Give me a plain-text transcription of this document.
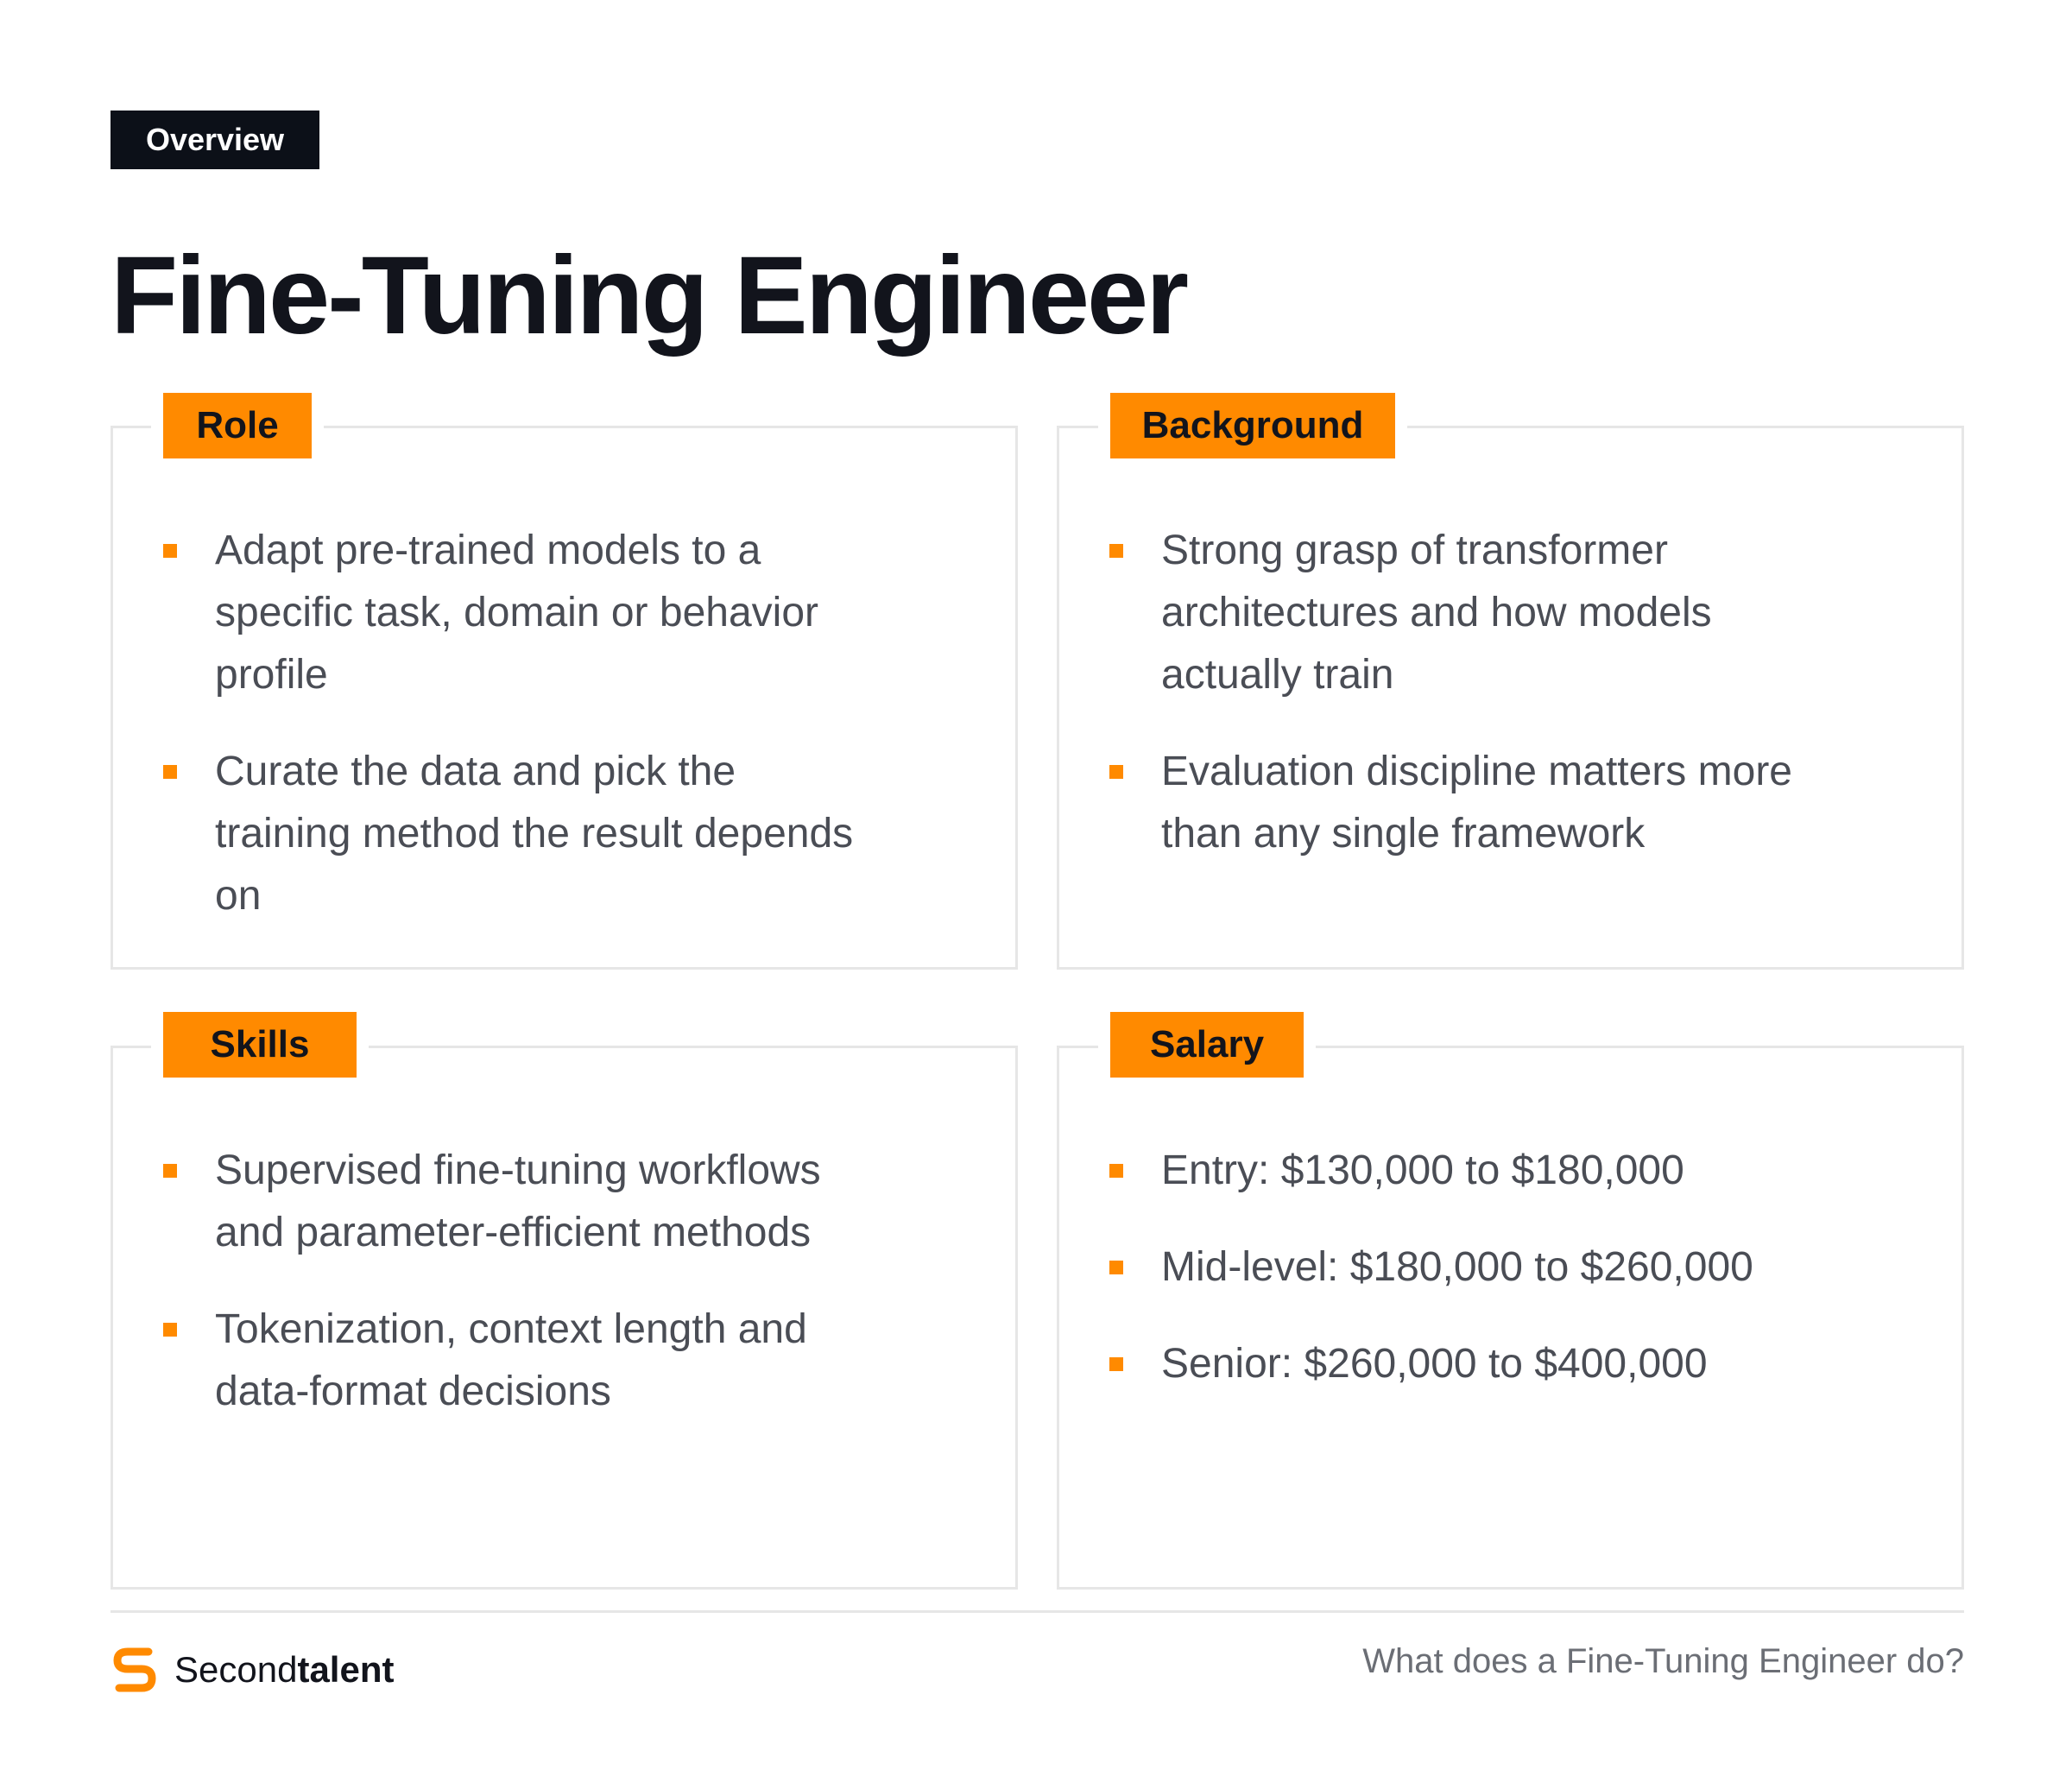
Overview
Fine-Tuning Engineer
Adapt pre-trained models to a specific task, domain or behavior profile
Curate the data and pick the training method the result depends on
Role
Strong grasp of transformer architectures and how models actually train
Evaluation discipline matters more than any single framework
Background
Supervised fine-tuning workflows and parameter-efficient methods
Tokenization, context length and data-format decisions
Skills
Entry: $130,000 to $180,000
Mid-level: $180,000 to $260,000
Senior: $260,000 to $400,000
Salary
Secondtalent	What does a Fine-Tuning Engineer do?
